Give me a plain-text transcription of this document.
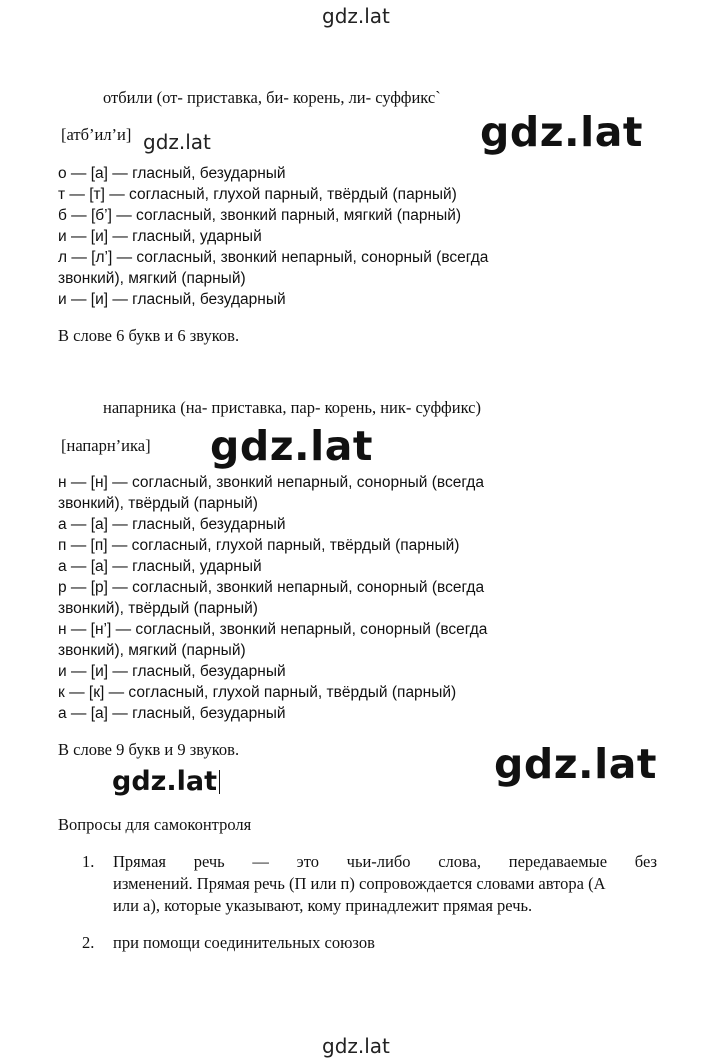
gdz.lat
отбили (от- приставка, би- корень, ли- суффикс`
[атб’ил’и] gdz.lat	gdz.lat
о — [а] — гласный, безударный
т — [т] — согласный, глухой парный, твёрдый (парный)
б — [б’] — согласный, звонкий парный, мягкий (парный)
и — [и] — гласный, ударный
л — [л’] — согласный, звонкий непарный, сонорный (всегда
звонкий), мягкий (парный)
и — [и] — гласный, безударный
В слове 6 букв и 6 звуков.
напарника (на- приставка, пар- корень, ник- суффикс)
[напарн’ика] gdz.lat
н — [н] — согласный, звонкий непарный, сонорный (всегда
звонкий), твёрдый (парный)
а — [а] — гласный, безударный
п — [п] — согласный, глухой парный, твёрдый (парный)
а — [а] — гласный, ударный
р — [р] — согласный, звонкий непарный, сонорный (всегда
звонкий), твёрдый (парный)
н — [н’] — согласный, звонкий непарный, сонорный (всегда
звонкий), мягкий (парный)
и — [и] — гласный, безударный
к — [к] — согласный, глухой парный, твёрдый (парный)
а — [а] — гласный, безударный
В слове 9 букв и 9 звуков.	gdz.lat
gdz.lat
Вопросы для самоконтроля
1. Прямая речь — это чьи-либо слова, передаваемые без
изменений. Прямая речь (П или п) сопровождается словами автора (А
или а), которые указывают, кому принадлежит прямая речь.
2. при помощи соединительных союзов
gdz.lat
